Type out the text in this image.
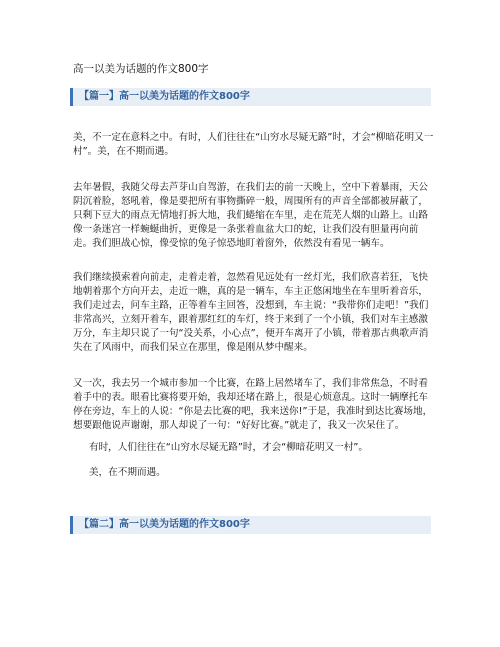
高一以美为话题的作文800字
【篇一】高一以美为话题的作文800字
美，不一定在意料之中。有时，人们往往在“山穷水尽疑无路”时，才会“柳暗花明又一村”。美，在不期而遇。
去年暑假，我随父母去芦芽山自驾游，在我们去的前一天晚上，空中下着暴雨，天公阴沉着脸，怒吼着，像是要把所有事物撕碎一般，周围所有的声音全部都被屏蔽了，只剩下豆大的雨点无情地打拆大地，我们蜷缩在车里，走在荒芜人烟的山路上。山路像一条迷宫一样蜿蜒曲折，更像是一条张着血盆大口的蛇，让我们没有胆量再向前走。我们胆战心惊，像受惊的兔子惊恐地盯着窗外，依然没有看见一辆车。
我们继续摸索着向前走，走着走着，忽然看见远处有一丝灯光，我们欣喜若狂，飞快地朝着那个方向开去，走近一瞧，真的是一辆车，车主正悠闲地坐在车里听着音乐，我们走过去，问车主路，正等着车主回答，没想到，车主说：“我带你们走吧！”我们非常高兴，立刻开着车，跟着那红红的车灯，终于来到了一个小镇，我们对车主感激万分，车主却只说了一句“没关系，小心点”，便开车离开了小镇，带着那古典歌声消失在了风雨中，而我们呆立在那里，像是刚从梦中醒来。
又一次，我去另一个城市参加一个比赛，在路上居然堵车了，我们非常焦急，不时看着手中的表。眼看比赛将要开始，我却还堵在路上，很是心烦意乱。这时一辆摩托车停在旁边，车上的人说：“你是去比赛的吧，我来送你!”于是，我准时到达比赛场地，想要跟他说声谢谢，那人却说了一句：“好好比赛。”就走了，我又一次呆住了。
有时，人们往往在“山穷水尽疑无路”时，才会“柳暗花明又一村”。
美，在不期而遇。
【篇二】高一以美为话题的作文800字
